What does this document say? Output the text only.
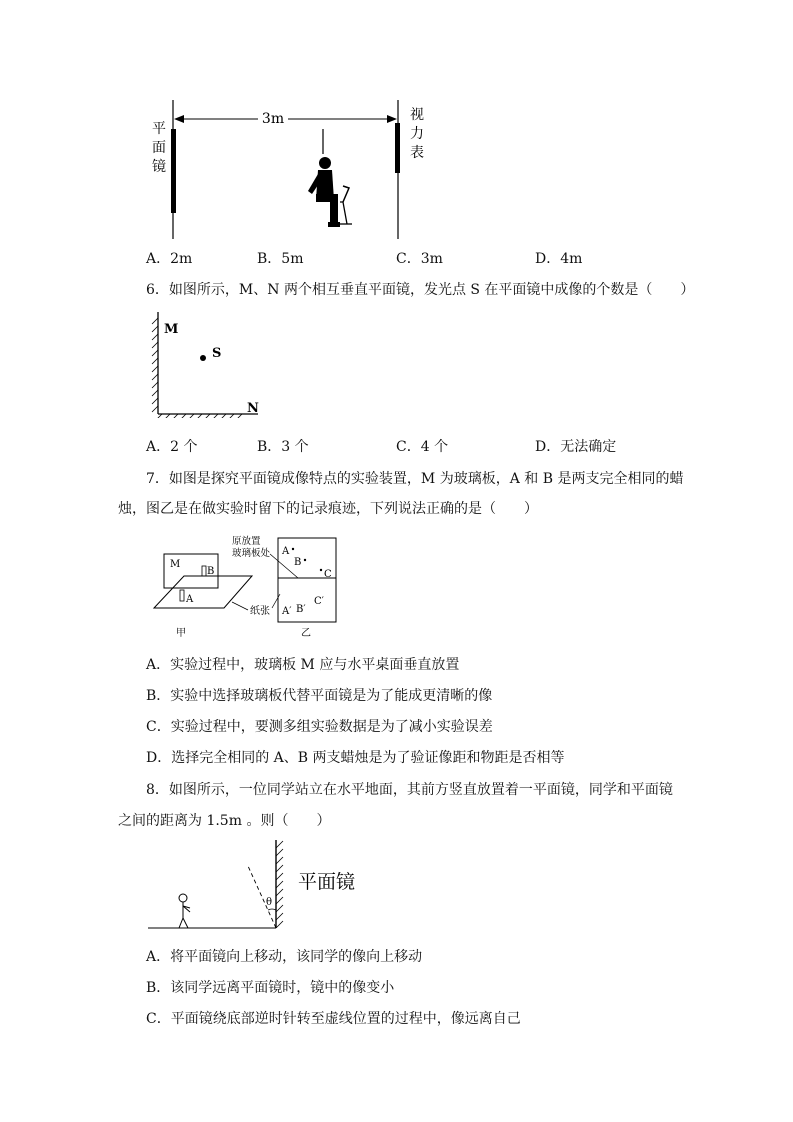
3m
平
面
镜
视
力
表
A．2m	B．5m	C．3m	D．4m
6．如图所示，M、N 两个相互垂直平面镜，发光点 S 在平面镜中成像的个数是（　　）
M
N
S
A．2 个	B．3 个	C．4 个	D．无法确定
7．如图是探究平面镜成像特点的实验装置，M 为玻璃板，A 和 B 是两支完全相同的蜡
烛，图乙是在做实验时留下的记录痕迹，下列说法正确的是（　　）
M
B
A
甲
A
B
C
A′ B′
C′
乙
原放置
玻璃板处
纸张
A．实验过程中，玻璃板 M 应与水平桌面垂直放置
B．实验中选择玻璃板代替平面镜是为了能成更清晰的像
C．实验过程中，要测多组实验数据是为了减小实验误差
D．选择完全相同的 A、B 两支蜡烛是为了验证像距和物距是否相等
8．如图所示，一位同学站立在水平地面，其前方竖直放置着一平面镜，同学和平面镜
之间的距离为 1.5m 。则（　　）
θ
平面镜
A．将平面镜向上移动，该同学的像向上移动
B．该同学远离平面镜时，镜中的像变小
C．平面镜绕底部逆时针转至虚线位置的过程中，像远离自己
